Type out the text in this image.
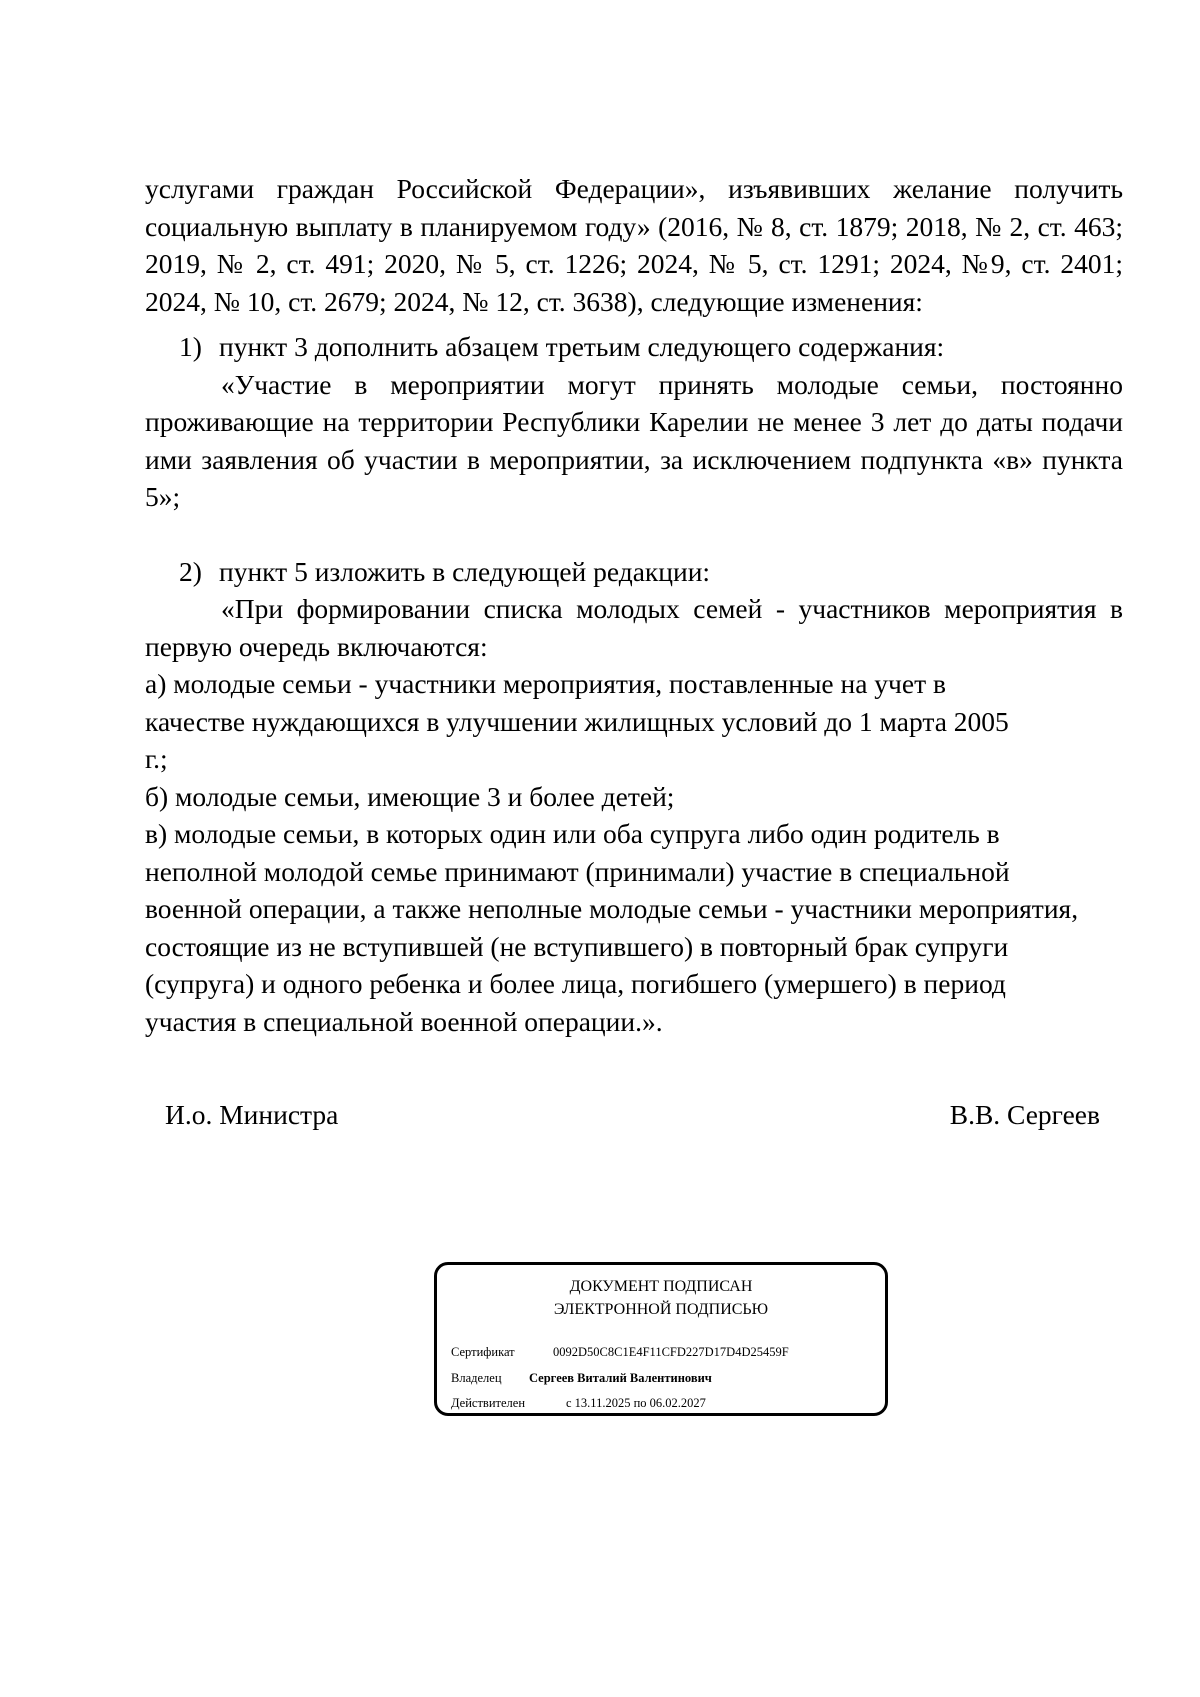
услугами граждан Российской Федерации», изъявивших желание получить социальную выплату в планируемом году» (2016, № 8, ст. 1879; 2018, № 2, ст. 463; 2019, № 2, ст. 491; 2020, № 5, ст. 1226; 2024, № 5, ст. 1291; 2024, №9, ст. 2401; 2024, № 10, ст. 2679; 2024, № 12, ст. 3638), следующие изменения:

1) пункт 3 дополнить абзацем третьим следующего содержания:

«Участие в мероприятии могут принять молодые семьи, постоянно проживающие на территории Республики Карелии не менее 3 лет до даты подачи ими заявления об участии в мероприятии, за исключением подпункта «в» пункта 5»;

2) пункт 5 изложить в следующей редакции:

«При формировании списка молодых семей - участников мероприятия в первую очередь включаются:

а) молодые семьи - участники мероприятия, поставленные на учет в качестве нуждающихся в улучшении жилищных условий до 1 марта 2005 г.;

б) молодые семьи, имеющие 3 и более детей;

в) молодые семьи, в которых один или оба супруга либо один родитель в неполной молодой семье принимают (принимали) участие в специальной военной операции, а также неполные молодые семьи - участники мероприятия, состоящие из не вступившей (не вступившего) в повторный брак супруги (супруга) и одного ребенка и более лица, погибшего (умершего) в период участия в специальной военной операции.».

И.о. Министра	В.В. Сергеев
ДОКУМЕНТ ПОДПИСАН
ЭЛЕКТРОННОЙ ПОДПИСЬЮ
Сертификат	0092D50C8C1E4F11CFD227D17D4D25459F
Владелец Сергеев Виталий Валентинович
Действителен	с 13.11.2025 по 06.02.2027
